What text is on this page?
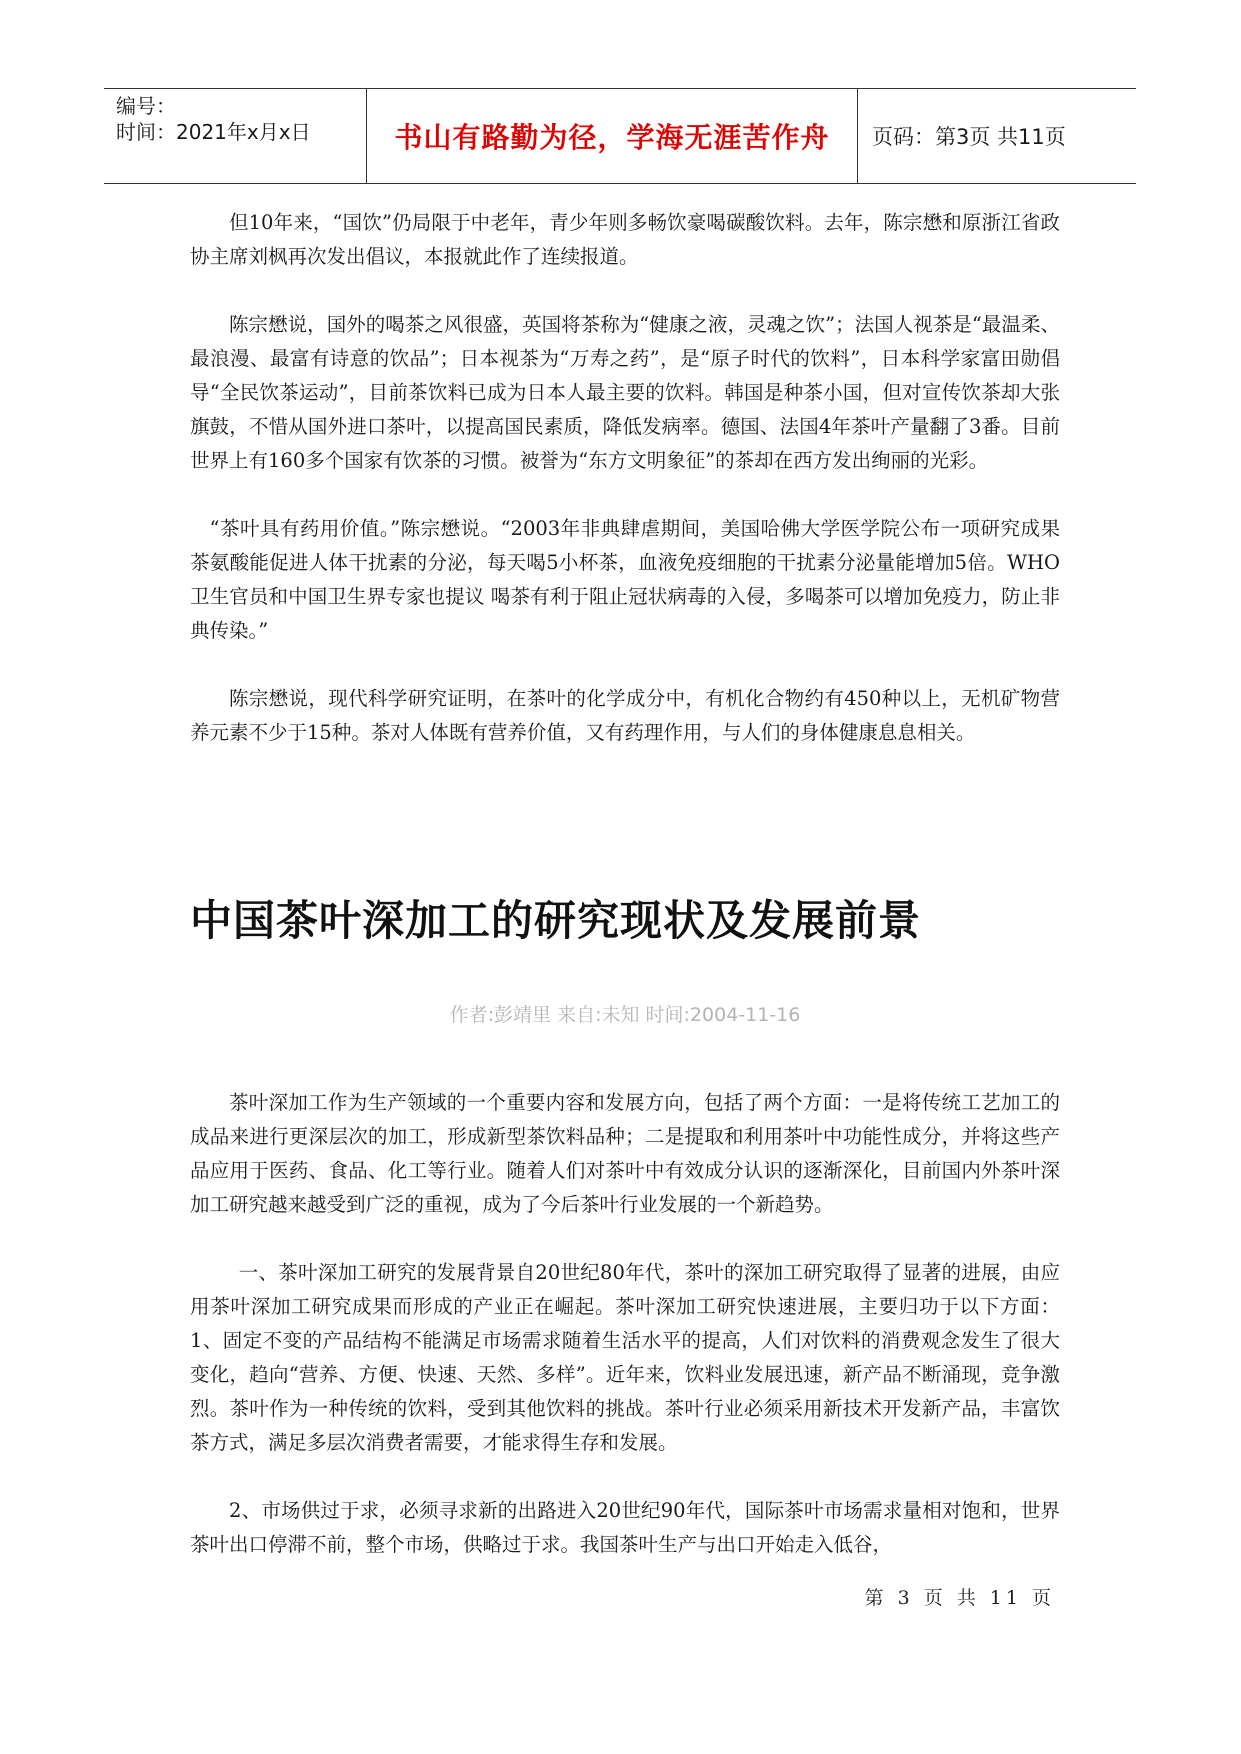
编号：
时间：2021年x月x日	书山有路勤为径，学海无涯苦作舟	页码：第3页 共11页

但10年来，“国饮”仍局限于中老年，青少年则多畅饮豪喝碳酸饮料。去年，陈宗懋和原浙江省政协主席刘枫再次发出倡议，本报就此作了连续报道。

陈宗懋说，国外的喝茶之风很盛，英国将茶称为“健康之液，灵魂之饮”；法国人视茶是“最温柔、最浪漫、最富有诗意的饮品”；日本视茶为“万寿之药”，是“原子时代的饮料”，日本科学家富田勋倡导“全民饮茶运动”，目前茶饮料已成为日本人最主要的饮料。韩国是种茶小国，但对宣传饮茶却大张旗鼓，不惜从国外进口茶叶，以提高国民素质，降低发病率。德国、法国4年茶叶产量翻了3番。目前世界上有160多个国家有饮茶的习惯。被誉为“东方文明象征”的茶却在西方发出绚丽的光彩。

“茶叶具有药用价值。”陈宗懋说。“2003年非典肆虐期间，美国哈佛大学医学院公布一项研究成果 茶氨酸能促进人体干扰素的分泌，每天喝5小杯茶，血液免疫细胞的干扰素分泌量能增加5倍。WHO卫生官员和中国卫生界专家也提议 喝茶有利于阻止冠状病毒的入侵，多喝茶可以增加免疫力，防止非典传染。”

陈宗懋说，现代科学研究证明，在茶叶的化学成分中，有机化合物约有450种以上，无机矿物营养元素不少于15种。茶对人体既有营养价值，又有药理作用，与人们的身体健康息息相关。

中国茶叶深加工的研究现状及发展前景
作者:彭靖里 来自:未知 时间:2004-11-16

茶叶深加工作为生产领域的一个重要内容和发展方向，包括了两个方面：一是将传统工艺加工的成品来进行更深层次的加工，形成新型茶饮料品种；二是提取和利用茶叶中功能性成分，并将这些产品应用于医药、食品、化工等行业。随着人们对茶叶中有效成分认识的逐渐深化，目前国内外茶叶深加工研究越来越受到广泛的重视，成为了今后茶叶行业发展的一个新趋势。

一、茶叶深加工研究的发展背景自20世纪80年代，茶叶的深加工研究取得了显著的进展，由应用茶叶深加工研究成果而形成的产业正在崛起。茶叶深加工研究快速进展，主要归功于以下方面：1、固定不变的产品结构不能满足市场需求随着生活水平的提高，人们对饮料的消费观念发生了很大变化，趋向“营养、方便、快速、天然、多样”。近年来，饮料业发展迅速，新产品不断涌现，竞争激烈。茶叶作为一种传统的饮料，受到其他饮料的挑战。茶叶行业必须采用新技术开发新产品，丰富饮茶方式，满足多层次消费者需要，才能求得生存和发展。

2、市场供过于求，必须寻求新的出路进入20世纪90年代，国际茶叶市场需求量相对饱和，世界茶叶出口停滞不前，整个市场，供略过于求。我国茶叶生产与出口开始走入低谷，

第 3 页 共 11 页
